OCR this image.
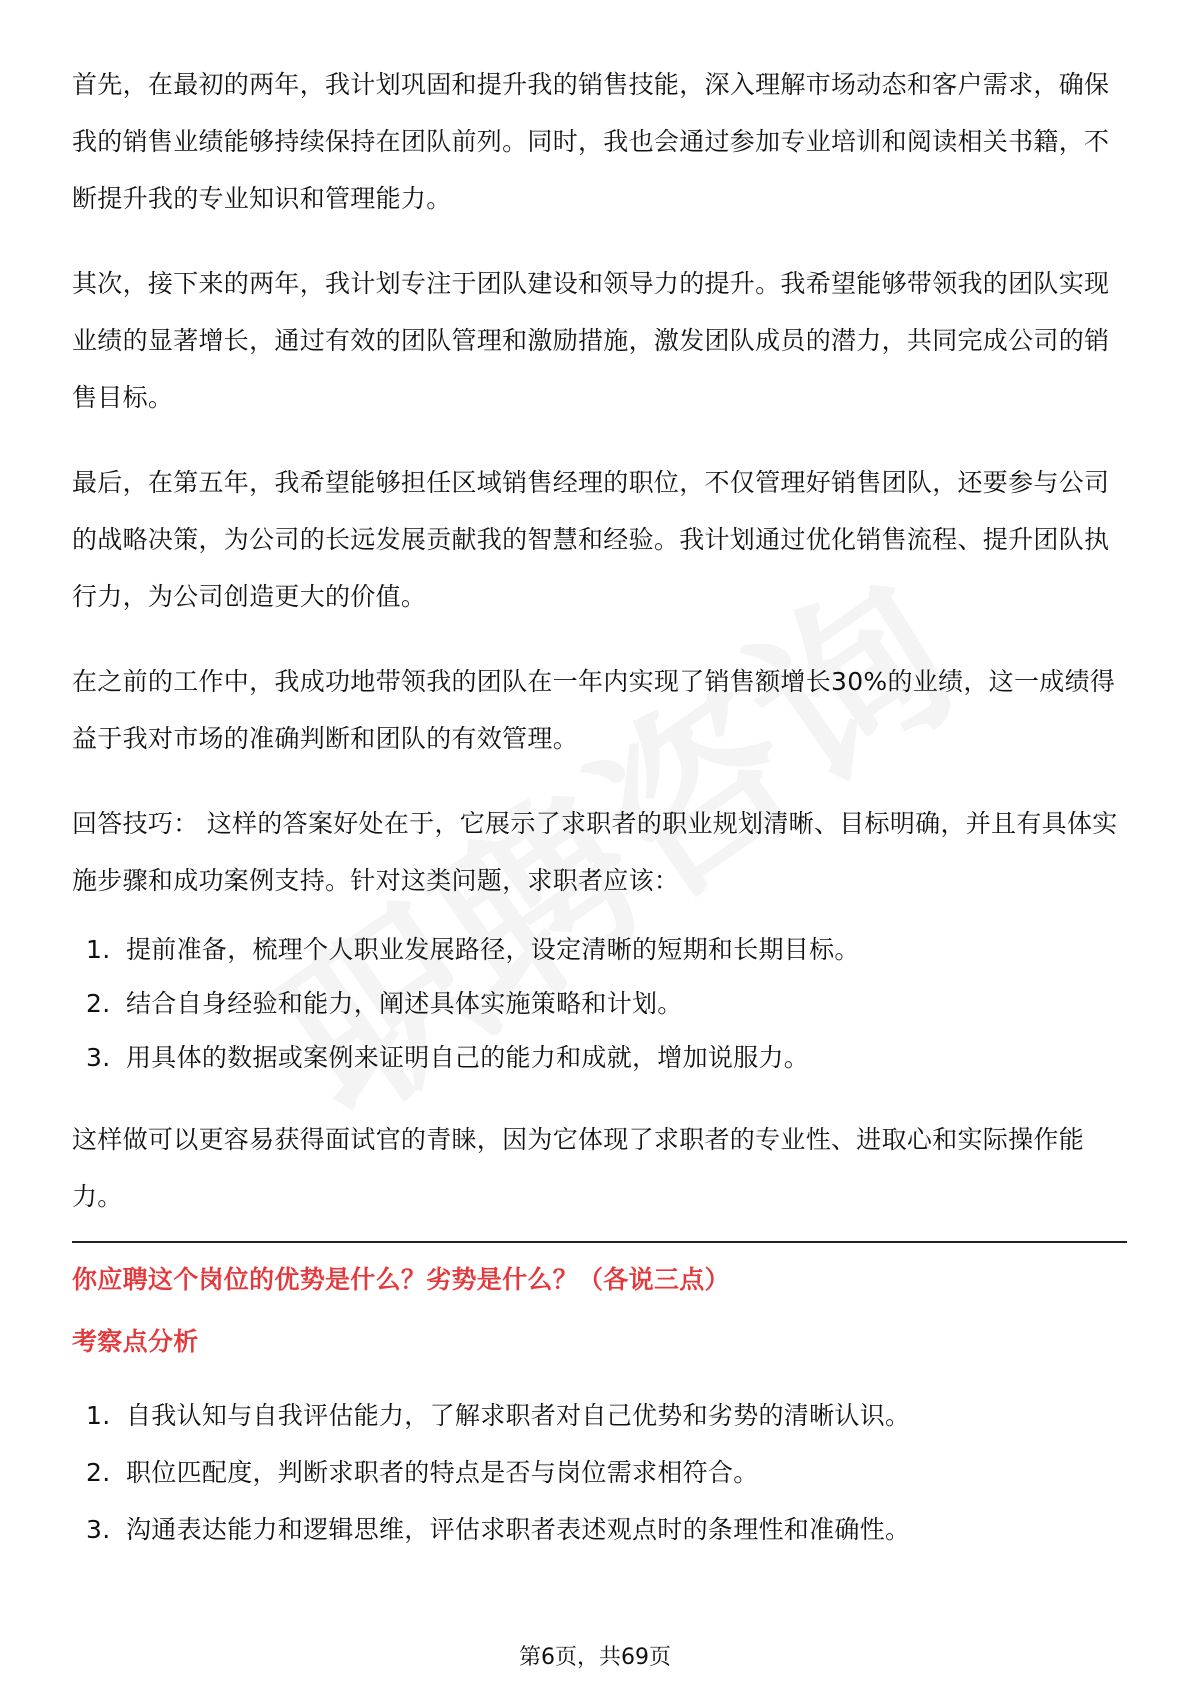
首先，在最初的两年，我计划巩固和提升我的销售技能，深入理解市场动态和客户需求，确保我的销售业绩能够持续保持在团队前列。同时，我也会通过参加专业培训和阅读相关书籍，不断提升我的专业知识和管理能力。

其次，接下来的两年，我计划专注于团队建设和领导力的提升。我希望能够带领我的团队实现业绩的显著增长，通过有效的团队管理和激励措施，激发团队成员的潜力，共同完成公司的销售目标。

最后，在第五年，我希望能够担任区域销售经理的职位，不仅管理好销售团队，还要参与公司的战略决策，为公司的长远发展贡献我的智慧和经验。我计划通过优化销售流程、提升团队执行力，为公司创造更大的价值。

在之前的工作中，我成功地带领我的团队在一年内实现了销售额增长30%的业绩，这一成绩得益于我对市场的准确判断和团队的有效管理。

回答技巧： 这样的答案好处在于，它展示了求职者的职业规划清晰、目标明确，并且有具体实施步骤和成功案例支持。针对这类问题，求职者应该：

1. 提前准备，梳理个人职业发展路径，设定清晰的短期和长期目标。
2. 结合自身经验和能力，阐述具体实施策略和计划。
3. 用具体的数据或案例来证明自己的能力和成就，增加说服力。

这样做可以更容易获得面试官的青睐，因为它体现了求职者的专业性、进取心和实际操作能力。

你应聘这个岗位的优势是什么？劣势是什么？（各说三点）
考察点分析
1. 自我认知与自我评估能力，了解求职者对自己优势和劣势的清晰认识。
2. 职位匹配度，判断求职者的特点是否与岗位需求相符合。
3. 沟通表达能力和逻辑思维，评估求职者表述观点时的条理性和准确性。
第6页，共69页
